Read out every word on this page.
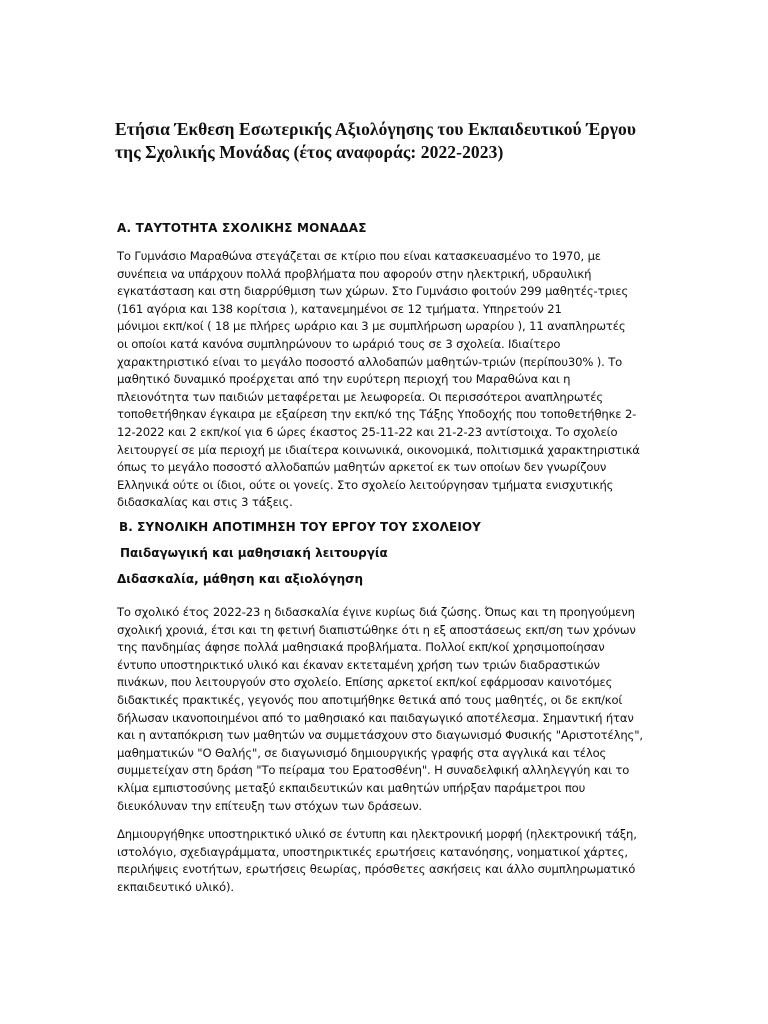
Ετήσια Έκθεση Εσωτερικής Αξιολόγησης του Εκπαιδευτικού Έργου
της Σχολικής Μονάδας (έτος αναφοράς: 2022-2023)
Α. ΤΑΥΤΟΤΗΤΑ ΣΧΟΛΙΚΗΣ ΜΟΝΑΔΑΣ

Το Γυμνάσιο Μαραθώνα στεγάζεται σε κτίριο που είναι κατασκευασμένο το 1970, με
συνέπεια να υπάρχουν πολλά προβλήματα που αφορούν στην ηλεκτρική, υδραυλική
εγκατάσταση και στη διαρρύθμιση των χώρων. Στο Γυμνάσιο φοιτούν 299 μαθητές-τριες
(161 αγόρια και 138 κορίτσια ), κατανεμημένοι σε 12 τμήματα. Υπηρετούν 21
μόνιμοι εκπ/κοί ( 18 με πλήρες ωράριο και 3 με συμπλήρωση ωραρίου ), 11 αναπληρωτές
οι οποίοι κατά κανόνα συμπληρώνουν το ωράριό τους σε 3 σχολεία. Ιδιαίτερο
χαρακτηριστικό είναι το μεγάλο ποσοστό αλλοδαπών μαθητών-τριών (περίπου30% ). Το
μαθητικό δυναμικό προέρχεται από την ευρύτερη περιοχή του Μαραθώνα και η
πλειονότητα των παιδιών μεταφέρεται με λεωφορεία. Οι περισσότεροι αναπληρωτές
τοποθετήθηκαν έγκαιρα με εξαίρεση την εκπ/κό της Τάξης Υποδοχής που τοποθετήθηκε 2-
12-2022 και 2 εκπ/κοί για 6 ώρες έκαστος 25-11-22 και 21-2-23 αντίστοιχα. Το σχολείο
λειτουργεί σε μία περιοχή με ιδιαίτερα κοινωνικά, οικονομικά, πολιτισμικά χαρακτηριστικά
όπως το μεγάλο ποσοστό αλλοδαπών μαθητών αρκετοί εκ των οποίων δεν γνωρίζουν
Ελληνικά ούτε οι ίδιοι, ούτε οι γονείς. Στο σχολείο λειτούργησαν τμήματα ενισχυτικής
διδασκαλίας και στις 3 τάξεις.

Β. ΣΥΝΟΛΙΚΗ ΑΠΟΤΙΜΗΣΗ ΤΟΥ ΕΡΓΟΥ ΤΟΥ ΣΧΟΛΕΙΟΥ
Παιδαγωγική και μαθησιακή λειτουργία
Διδασκαλία, μάθηση και αξιολόγηση

Το σχολικό έτος 2022-23 η διδασκαλία έγινε κυρίως διά ζώσης. Όπως και τη προηγούμενη
σχολική χρονιά, έτσι και τη φετινή διαπιστώθηκε ότι η εξ αποστάσεως εκπ/ση των χρόνων
της πανδημίας άφησε πολλά μαθησιακά προβλήματα. Πολλοί εκπ/κοί χρησιμοποίησαν
έντυπο υποστηρικτικό υλικό και έκαναν εκτεταμένη χρήση των τριών διαδραστικών
πινάκων, που λειτουργούν στο σχολείο. Επίσης αρκετοί εκπ/κοί εφάρμοσαν καινοτόμες
διδακτικές πρακτικές, γεγονός που αποτιμήθηκε θετικά από τους μαθητές, οι δε εκπ/κοί
δήλωσαν ικανοποιημένοι από το μαθησιακό και παιδαγωγικό αποτέλεσμα. Σημαντική ήταν
και η ανταπόκριση των μαθητών να συμμετάσχουν στο διαγωνισμό Φυσικής "Αριστοτέλης",
μαθηματικών "Ο Θαλής", σε διαγωνισμό δημιουργικής γραφής στα αγγλικά και τέλος
συμμετείχαν στη δράση "Το πείραμα του Ερατοσθένη". Η συναδελφική αλληλεγγύη και το
κλίμα εμπιστοσύνης μεταξύ εκπαιδευτικών και μαθητών υπήρξαν παράμετροι που
διευκόλυναν την επίτευξη των στόχων των δράσεων.

Δημιουργήθηκε υποστηρικτικό υλικό σε έντυπη και ηλεκτρονική μορφή (ηλεκτρονική τάξη,
ιστολόγιο, σχεδιαγράμματα, υποστηρικτικές ερωτήσεις κατανόησης, νοηματικοί χάρτες,
περιλήψεις ενοτήτων, ερωτήσεις θεωρίας, πρόσθετες ασκήσεις και άλλο συμπληρωματικό
εκπαιδευτικό υλικό).
